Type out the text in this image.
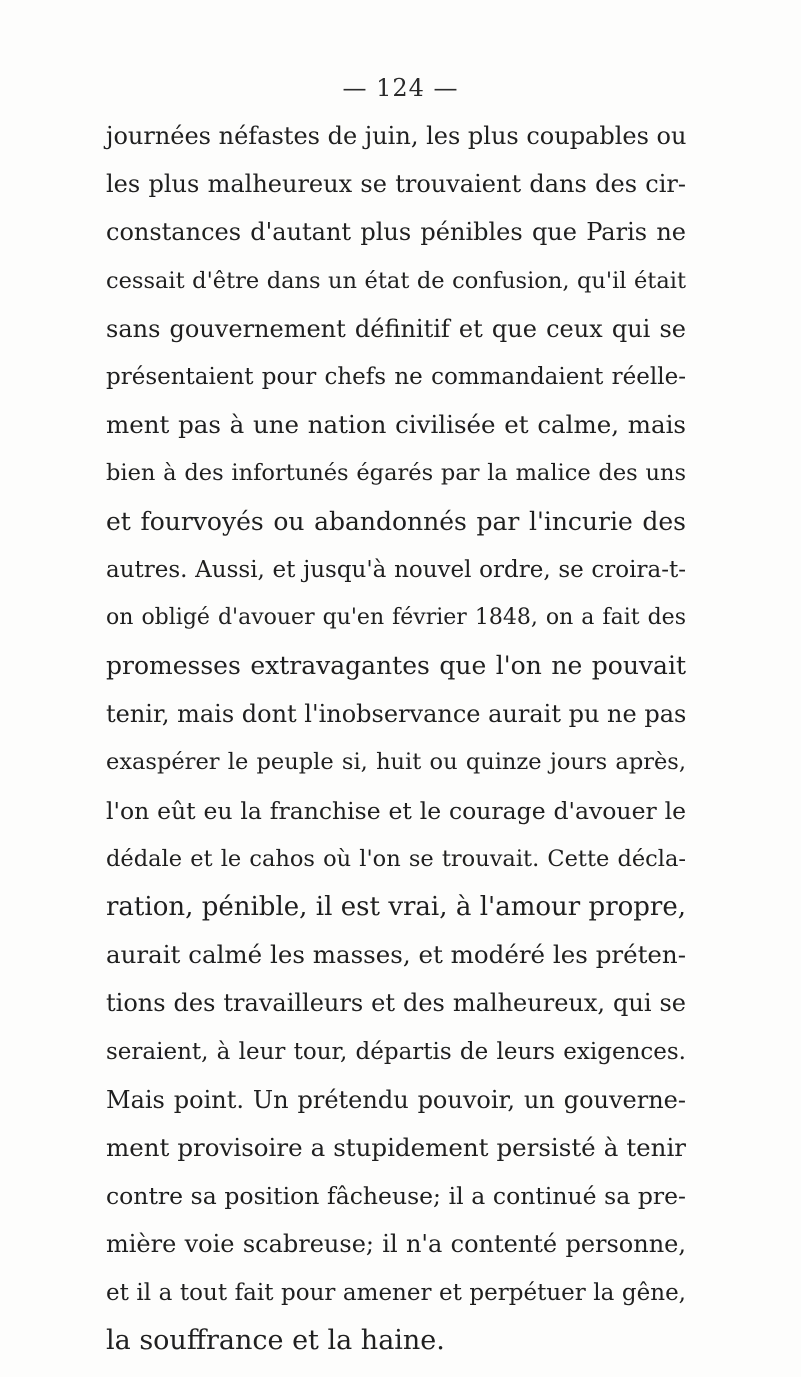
— 124 —
journées néfastes de juin, les plus coupables ou
les plus malheureux se trouvaient dans des cir-
constances d'autant plus pénibles que Paris ne
cessait d'être dans un état de confusion, qu'il était
sans gouvernement définitif et que ceux qui se
présentaient pour chefs ne commandaient réelle-
ment pas à une nation civilisée et calme, mais
bien à des infortunés égarés par la malice des uns
et fourvoyés ou abandonnés par l'incurie des
autres. Aussi, et jusqu'à nouvel ordre, se croira-t-
on obligé d'avouer qu'en février 1848, on a fait des
promesses extravagantes que l'on ne pouvait
tenir, mais dont l'inobservance aurait pu ne pas
exaspérer le peuple si, huit ou quinze jours après,
l'on eût eu la franchise et le courage d'avouer le
dédale et le cahos où l'on se trouvait. Cette décla-
ration, pénible, il est vrai, à l'amour propre,
aurait calmé les masses, et modéré les préten-
tions des travailleurs et des malheureux, qui se
seraient, à leur tour, départis de leurs exigences.
Mais point. Un prétendu pouvoir, un gouverne-
ment provisoire a stupidement persisté à tenir
contre sa position fâcheuse; il a continué sa pre-
mière voie scabreuse; il n'a contenté personne,
et il a tout fait pour amener et perpétuer la gêne,
la souffrance et la haine.
